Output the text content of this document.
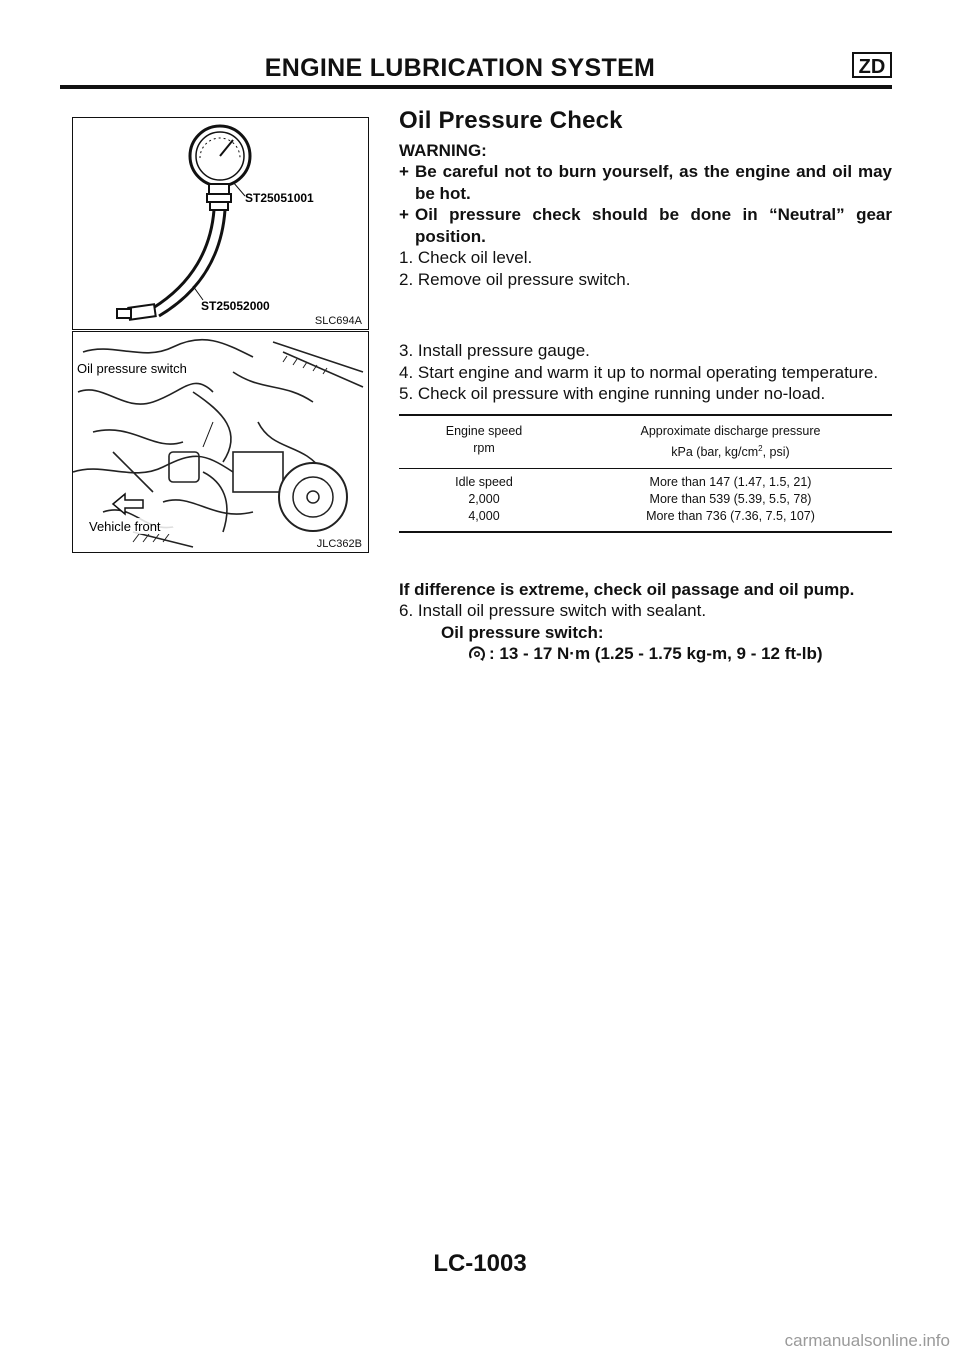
ENGINE LUBRICATION SYSTEM	ZD
ST25051001
ST25052000
SLC694A
Oil pressure switch
Vehicle front
JLC362B
Oil Pressure Check
WARNING:
+ Be careful not to burn yourself, as the engine and oil may be hot.
+ Oil pressure check should be done in “Neutral” gear position.
1. Check oil level.
2. Remove oil pressure switch.
3. Install pressure gauge.
4. Start engine and warm it up to normal operating temperature.
5. Check oil pressure with engine running under no-load.
Engine speed
rpm
Approximate discharge pressure
kPa (bar, $kg/cm^2$, psi)
Idle speed
2,000
4,000
More than 147 (1.47, 1.5, 21)
More than 539 (5.39, 5.5, 78)
More than 736 (7.36, 7.5, 107)
If difference is extreme, check oil passage and oil pump.
6. Install oil pressure switch with sealant.
Oil pressure switch:
: 13 - 17 N·m (1.25 - 1.75 kg-m, 9 - 12 ft-lb)
LC-1003
carmanualsonline.info
